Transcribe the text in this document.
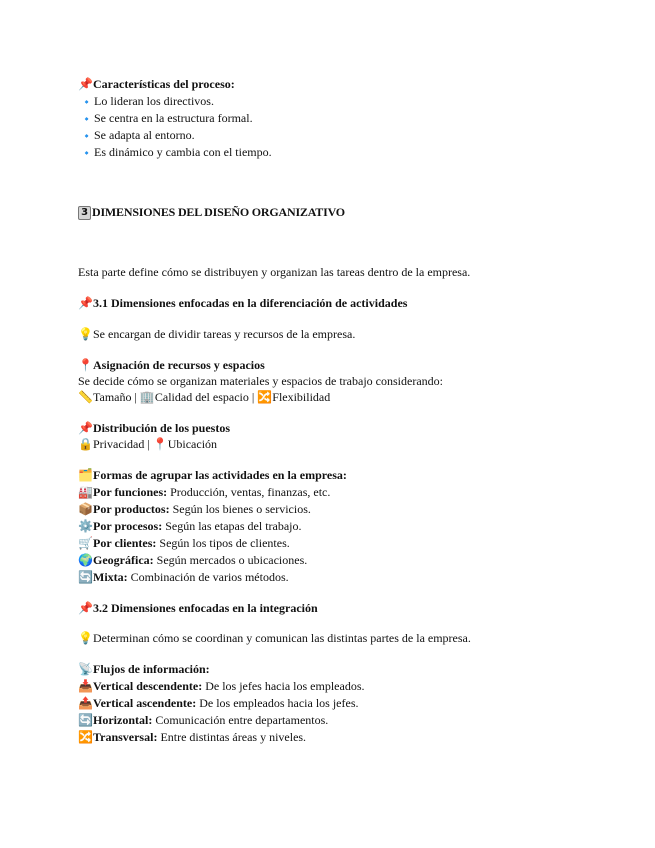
📌Características del proceso:
🔹 Lo lideran los directivos.
🔹 Se centra en la estructura formal.
🔹 Se adapta al entorno.
🔹 Es dinámico y cambia con el tiempo.
3 DIMENSIONES DEL DISEÑO ORGANIZATIVO
Esta parte define cómo se distribuyen y organizan las tareas dentro de la empresa.
📌3.1 Dimensiones enfocadas en la diferenciación de actividades
💡Se encargan de dividir tareas y recursos de la empresa.
📍Asignación de recursos y espacios
Se decide cómo se organizan materiales y espacios de trabajo considerando:
📏Tamaño | 🏢Calidad del espacio | 🔀Flexibilidad
📌Distribución de los puestos
🔒Privacidad | 📍Ubicación
🗂️Formas de agrupar las actividades en la empresa:
🏭Por funciones: Producción, ventas, finanzas, etc.
📦Por productos: Según los bienes o servicios.
⚙️Por procesos: Según las etapas del trabajo.
🛒Por clientes: Según los tipos de clientes.
🌍Geográfica: Según mercados o ubicaciones.
🔄Mixta: Combinación de varios métodos.
📌3.2 Dimensiones enfocadas en la integración
💡Determinan cómo se coordinan y comunican las distintas partes de la empresa.
📡Flujos de información:
📥Vertical descendente: De los jefes hacia los empleados.
📤Vertical ascendente: De los empleados hacia los jefes.
🔄Horizontal: Comunicación entre departamentos.
🔀Transversal: Entre distintas áreas y niveles.
